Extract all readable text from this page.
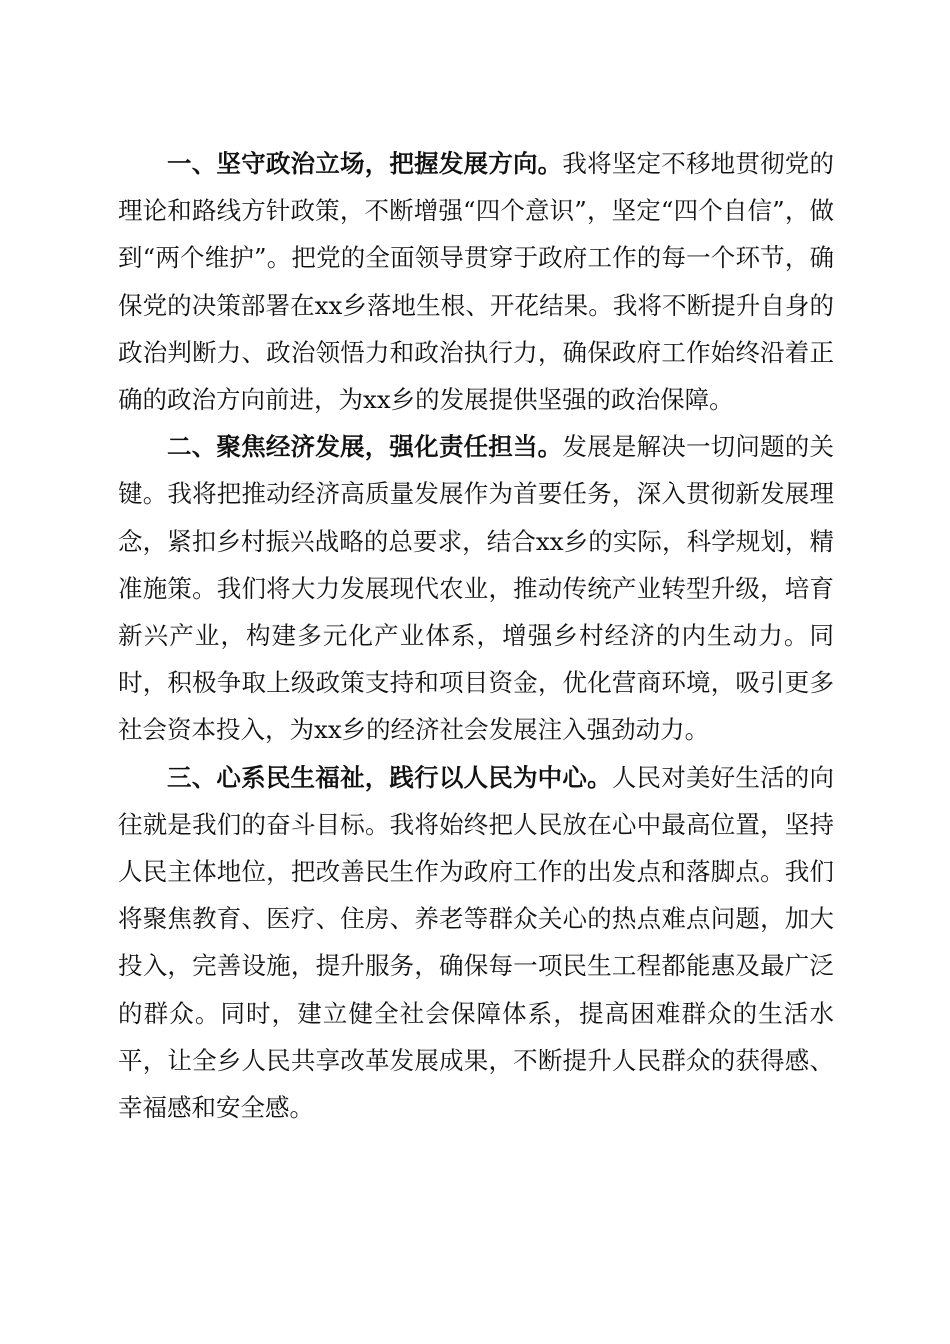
一、坚守政治立场，把握发展方向。我将坚定不移地贯彻党的理论和路线方针政策，不断增强“四个意识”，坚定“四个自信”，做到“两个维护”。把党的全面领导贯穿于政府工作的每一个环节，确保党的决策部署在xx乡落地生根、开花结果。我将不断提升自身的政治判断力、政治领悟力和政治执行力，确保政府工作始终沿着正确的政治方向前进，为xx乡的发展提供坚强的政治保障。

二、聚焦经济发展，强化责任担当。发展是解决一切问题的关键。我将把推动经济高质量发展作为首要任务，深入贯彻新发展理念，紧扣乡村振兴战略的总要求，结合xx乡的实际，科学规划，精准施策。我们将大力发展现代农业，推动传统产业转型升级，培育新兴产业，构建多元化产业体系，增强乡村经济的内生动力。同时，积极争取上级政策支持和项目资金，优化营商环境，吸引更多社会资本投入，为xx乡的经济社会发展注入强劲动力。

三、心系民生福祉，践行以人民为中心。人民对美好生活的向往就是我们的奋斗目标。我将始终把人民放在心中最高位置，坚持人民主体地位，把改善民生作为政府工作的出发点和落脚点。我们将聚焦教育、医疗、住房、养老等群众关心的热点难点问题，加大投入，完善设施，提升服务，确保每一项民生工程都能惠及最广泛的群众。同时，建立健全社会保障体系，提高困难群众的生活水平，让全乡人民共享改革发展成果，不断提升人民群众的获得感、幸福感和安全感。
